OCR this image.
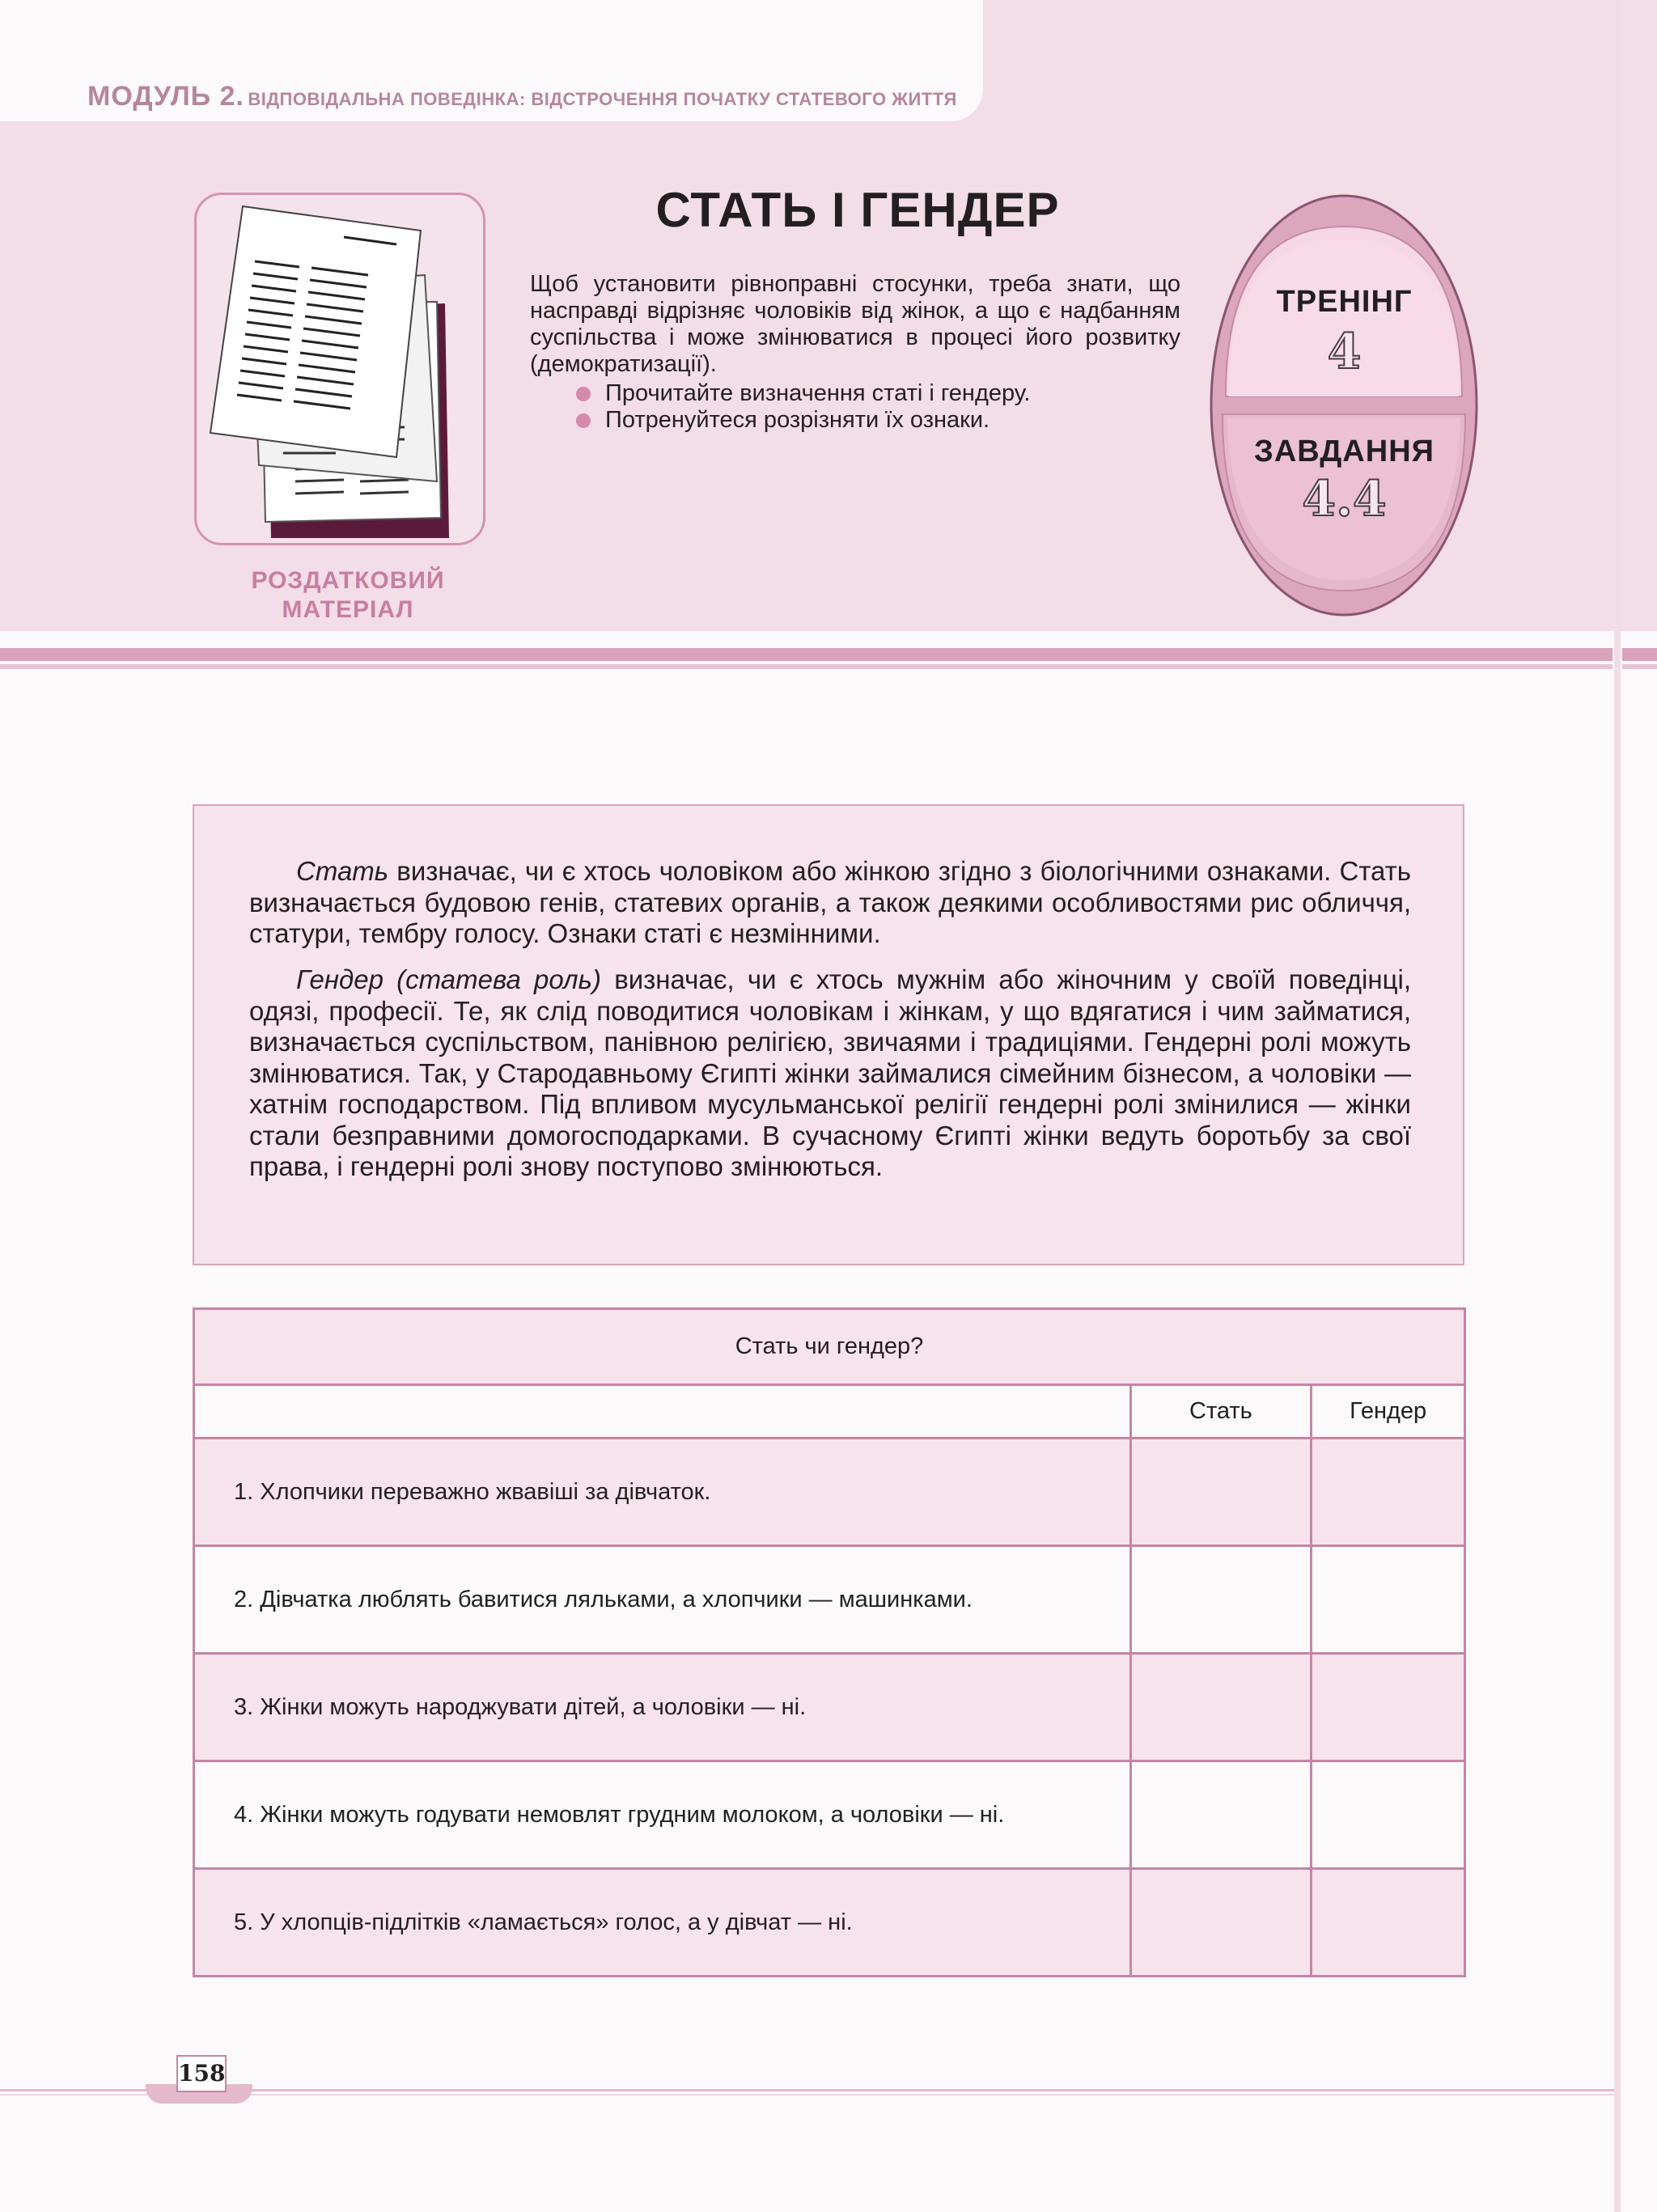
МОДУЛЬ 2. ВІДПОВІДАЛЬНА ПОВЕДІНКА: ВІДСТРОЧЕННЯ ПОЧАТКУ СТАТЕВОГО ЖИТТЯ
РОЗДАТКОВИЙ
МАТЕРІАЛ
СТАТЬ І ГЕНДЕР
Щоб установити рівноправні стосунки, треба знати, що насправді відрізняє чоловіків від жінок, а що є надбанням суспільства і може змінюватися в процесі його розвитку (демократизації).
Прочитайте визначення статі і гендеру.
Потренуйтеся розрізняти їх ознаки.
ТРЕНІНГ
4
ЗАВДАННЯ
4.4

Стать визначає, чи є хтось чоловіком або жінкою згідно з біологічними ознаками. Стать визначається будовою генів, статевих органів, а також деякими особливостями рис обличчя, статури, тембру голосу. Ознаки статі є незмінними.

Гендер (статева роль) визначає, чи є хтось мужнім або жіночним у своїй поведінці, одязі, професії. Те, як слід поводитися чоловікам і жінкам, у що вдягатися і чим займатися, визначається суспільством, панівною релігією, звичаями і традиціями. Гендерні ролі можуть змінюватися. Так, у Стародавньому Єгипті жінки займалися сімейним бізнесом, а чоловіки — хатнім господарством. Під впливом мусульманської релігії гендерні ролі змінилися — жінки стали безправними домогосподарками. В сучасному Єгипті жінки ведуть боротьбу за свої права, і гендерні ролі знову поступово змінюються.

Стать чи гендер?		
	Стать	Гендер
1. Хлопчики переважно жвавіші за дівчаток.		
2. Дівчатка люблять бавитися ляльками, а хлопчики — машинками.		
3. Жінки можуть народжувати дітей, а чоловіки — ні.		
4. Жінки можуть годувати немовлят грудним молоком, а чоловіки — ні.		
5. У хлопців-підлітків «ламається» голос, а у дівчат — ні.		
158
